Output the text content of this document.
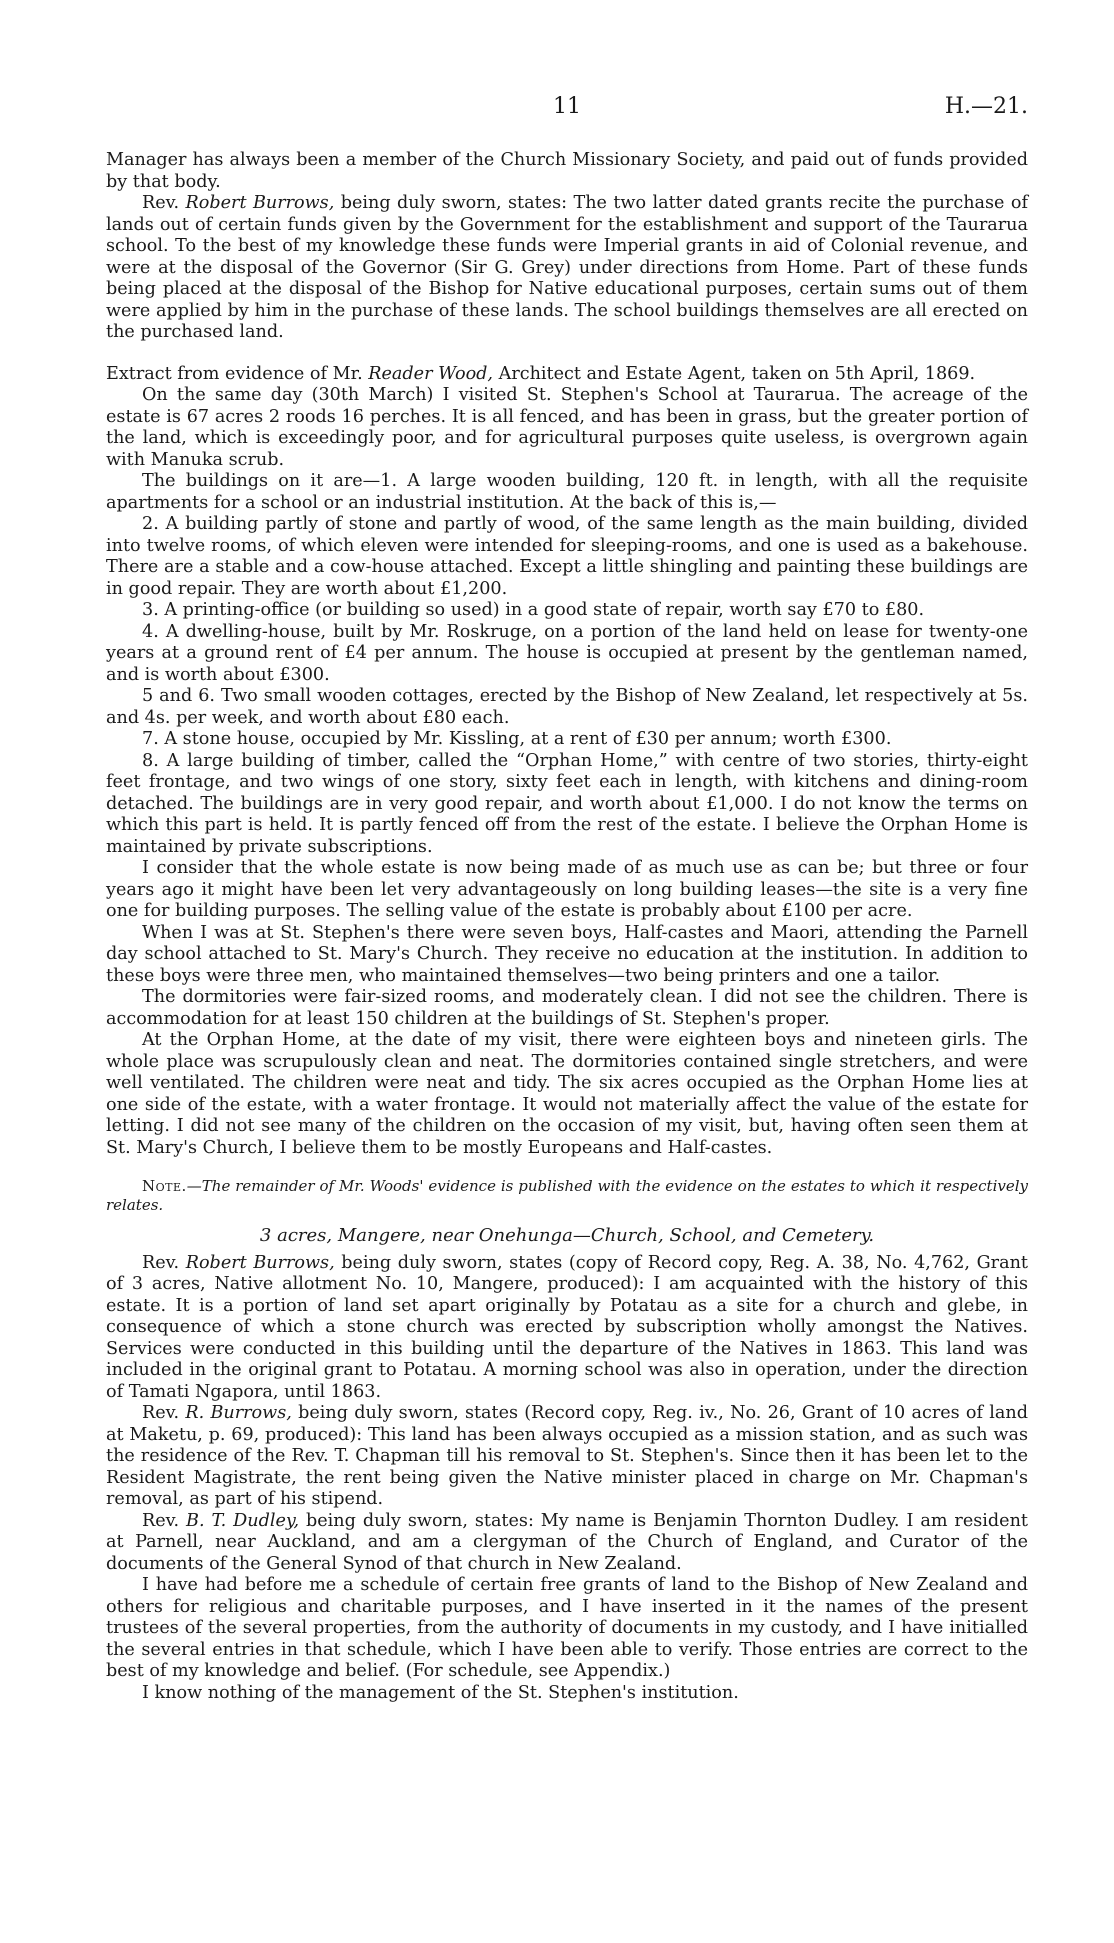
11	H.—21.

Manager has always been a member of the Church Missionary Society, and paid out of funds provided by that body.

Rev. Robert Burrows, being duly sworn, states: The two latter dated grants recite the purchase of lands out of certain funds given by the Government for the establishment and support of the Taurarua school. To the best of my knowledge these funds were Imperial grants in aid of Colonial revenue, and were at the disposal of the Governor (Sir G. Grey) under directions from Home. Part of these funds being placed at the disposal of the Bishop for Native educational purposes, certain sums out of them were applied by him in the purchase of these lands. The school buildings themselves are all erected on the purchased land.

Extract from evidence of Mr. Reader Wood, Architect and Estate Agent, taken on 5th April, 1869.

On the same day (30th March) I visited St. Stephen's School at Taurarua. The acreage of the estate is 67 acres 2 roods 16 perches. It is all fenced, and has been in grass, but the greater portion of the land, which is exceedingly poor, and for agricultural purposes quite useless, is overgrown again with Manuka scrub.

The buildings on it are—1. A large wooden building, 120 ft. in length, with all the requisite apartments for a school or an industrial institution. At the back of this is,—

2. A building partly of stone and partly of wood, of the same length as the main building, divided into twelve rooms, of which eleven were intended for sleeping-rooms, and one is used as a bakehouse. There are a stable and a cow-house attached. Except a little shingling and painting these buildings are in good repair. They are worth about £1,200.

3. A printing-office (or building so used) in a good state of repair, worth say £70 to £80.

4. A dwelling-house, built by Mr. Roskruge, on a portion of the land held on lease for twenty-one years at a ground rent of £4 per annum. The house is occupied at present by the gentleman named, and is worth about £300.

5 and 6. Two small wooden cottages, erected by the Bishop of New Zealand, let respectively at 5s. and 4s. per week, and worth about £80 each.

7. A stone house, occupied by Mr. Kissling, at a rent of £30 per annum; worth £300.

8. A large building of timber, called the “Orphan Home,” with centre of two stories, thirty-eight feet frontage, and two wings of one story, sixty feet each in length, with kitchens and dining-room detached. The buildings are in very good repair, and worth about £1,000. I do not know the terms on which this part is held. It is partly fenced off from the rest of the estate. I believe the Orphan Home is maintained by private subscriptions.

I consider that the whole estate is now being made of as much use as can be; but three or four years ago it might have been let very advantageously on long building leases—the site is a very fine one for building purposes. The selling value of the estate is probably about £100 per acre.

When I was at St. Stephen's there were seven boys, Half-castes and Maori, attending the Parnell day school attached to St. Mary's Church. They receive no education at the institution. In addition to these boys were three men, who maintained themselves—two being printers and one a tailor.

The dormitories were fair-sized rooms, and moderately clean. I did not see the children. There is accommodation for at least 150 children at the buildings of St. Stephen's proper.

At the Orphan Home, at the date of my visit, there were eighteen boys and nineteen girls. The whole place was scrupulously clean and neat. The dormitories contained single stretchers, and were well ventilated. The children were neat and tidy. The six acres occupied as the Orphan Home lies at one side of the estate, with a water frontage. It would not materially affect the value of the estate for letting. I did not see many of the children on the occasion of my visit, but, having often seen them at St. Mary's Church, I believe them to be mostly Europeans and Half-castes.

Note.—The remainder of Mr. Woods' evidence is published with the evidence on the estates to which it respectively relates.

3 acres, Mangere, near Onehunga—Church, School, and Cemetery.

Rev. Robert Burrows, being duly sworn, states (copy of Record copy, Reg. A. 38, No. 4,762, Grant of 3 acres, Native allotment No. 10, Mangere, produced): I am acquainted with the history of this estate. It is a portion of land set apart originally by Potatau as a site for a church and glebe, in consequence of which a stone church was erected by subscription wholly amongst the Natives. Services were conducted in this building until the departure of the Natives in 1863. This land was included in the original grant to Potatau. A morning school was also in operation, under the direction of Tamati Ngapora, until 1863.

Rev. R. Burrows, being duly sworn, states (Record copy, Reg. iv., No. 26, Grant of 10 acres of land at Maketu, p. 69, produced): This land has been always occupied as a mission station, and as such was the residence of the Rev. T. Chapman till his removal to St. Stephen's. Since then it has been let to the Resident Magistrate, the rent being given the Native minister placed in charge on Mr. Chapman's removal, as part of his stipend.

Rev. B. T. Dudley, being duly sworn, states: My name is Benjamin Thornton Dudley. I am resident at Parnell, near Auckland, and am a clergyman of the Church of England, and Curator of the documents of the General Synod of that church in New Zealand.

I have had before me a schedule of certain free grants of land to the Bishop of New Zealand and others for religious and charitable purposes, and I have inserted in it the names of the present trustees of the several properties, from the authority of documents in my custody, and I have initialled the several entries in that schedule, which I have been able to verify. Those entries are correct to the best of my knowledge and belief. (For schedule, see Appendix.)

I know nothing of the management of the St. Stephen's institution.
